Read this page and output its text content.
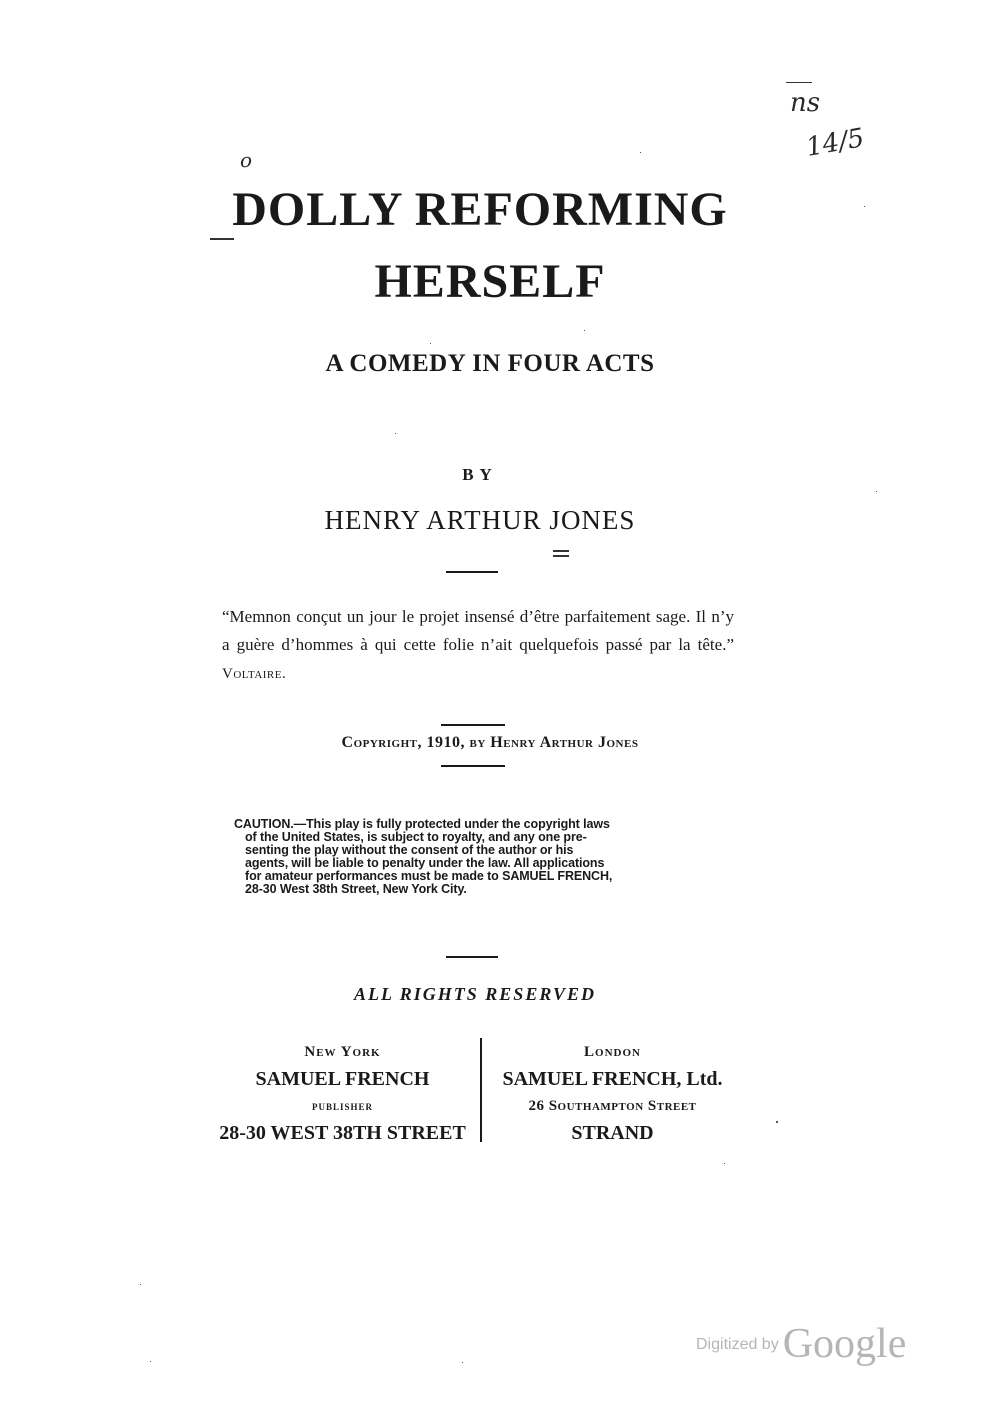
ns
14/5
o
DOLLY REFORMING
HERSELF
A COMEDY IN FOUR ACTS
BY
HENRY ARTHUR JONES
“Memnon conçut un jour le projet insensé d’être parfaitement sage. Il n’y a guère d’hommes à qui cette folie n’ait quelquefois passé par la tête.” Voltaire.
Copyright, 1910, by Henry Arthur Jones
CAUTION.—This play is fully protected under the copyright laws
of the United States, is subject to royalty, and any one pre-
senting the play without the consent of the author or his
agents, will be liable to penalty under the law. All applications
for amateur performances must be made to SAMUEL FRENCH,
28-30 West 38th Street, New York City.
ALL RIGHTS RESERVED
New York
SAMUEL FRENCH
publisher
28-30 WEST 38TH STREET
London
SAMUEL FRENCH, Ltd.
26 Southampton Street
STRAND
Digitized by Google
